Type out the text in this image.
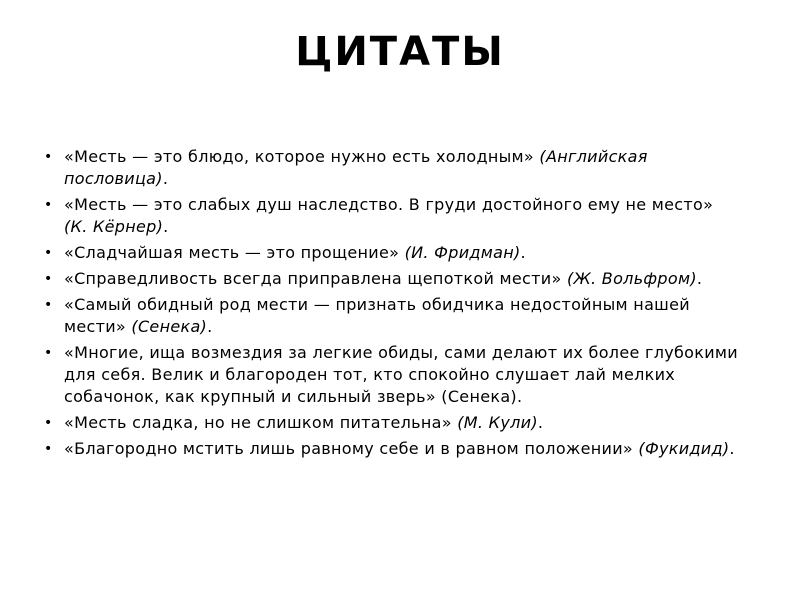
ЦИТАТЫ
• «Месть — это блюдо, которое нужно есть холодным» (Английская пословица).
• «Месть — это слабых душ наследство. В груди достойного ему не место» (К. Кёрнер).
• «Сладчайшая месть — это прощение» (И. Фридман).
• «Справедливость всегда приправлена щепоткой мести» (Ж. Вольфром).
• «Самый обидный род мести — признать обидчика недостойным нашей мести» (Сенека).
• «Многие, ища возмездия за легкие обиды, сами делают их более глубокими для себя. Велик и благороден тот, кто спокойно слушает лай мелких собачонок, как крупный и сильный зверь» (Сенека).
• «Месть сладка, но не слишком питательна» (М. Кули).
• «Благородно мстить лишь равному себе и в равном положении» (Фукидид).
